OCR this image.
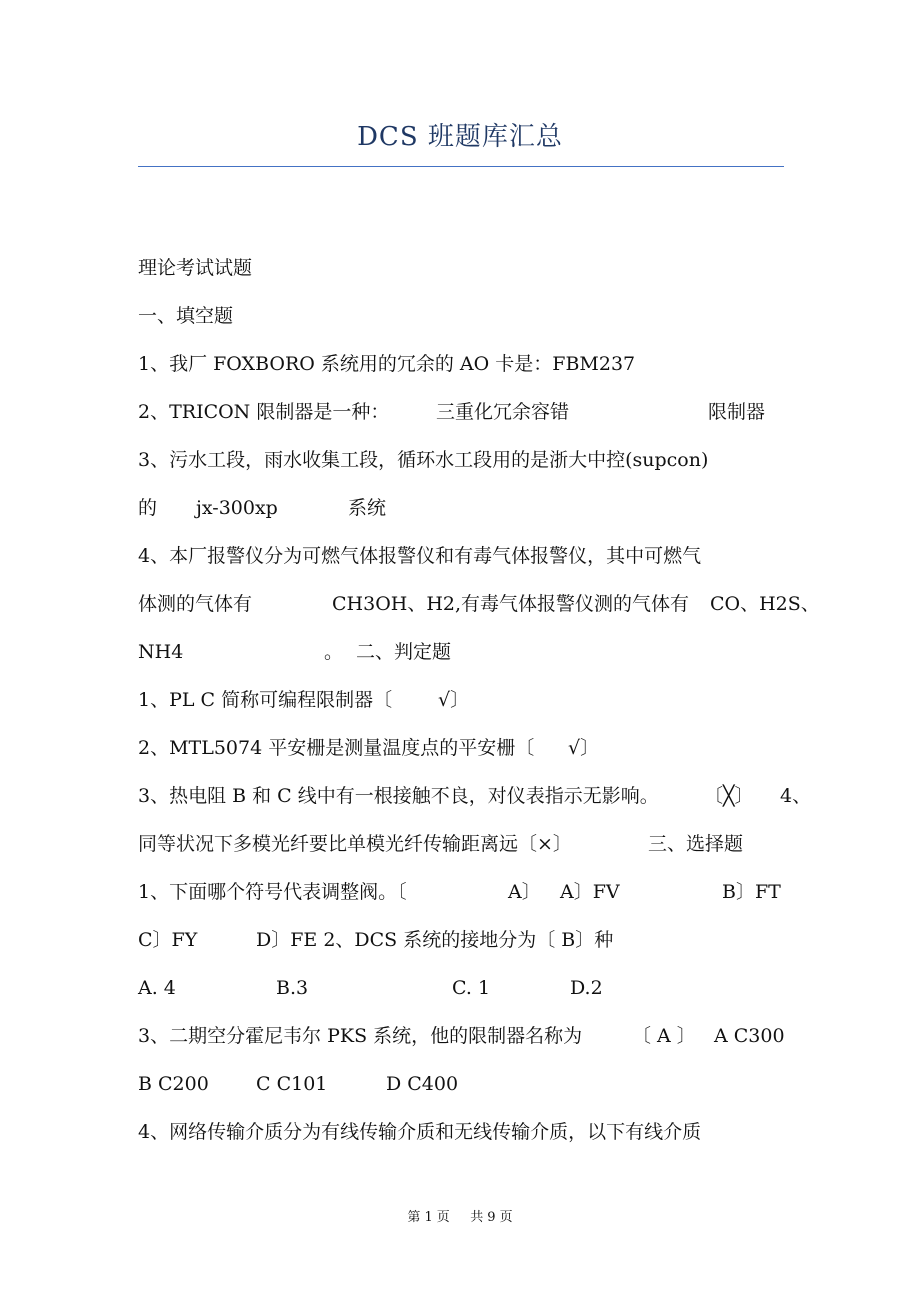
DCS 班题库汇总
理论考试试题
一、填空题
1、我厂 FOXBORO 系统用的冗余的 AO 卡是：FBM237
2、TRICON 限制器是一种： 三重化冗余容错	限制器
3、污水工段，雨水收集工段，循环水工段用的是浙大中控(supcon)
的 jx-300xp	系统
4、本厂报警仪分为可燃气体报警仪和有毒气体报警仪，其中可燃气
体测的气体有	CH3OH、H2,有毒气体报警仪测的气体有 CO、H2S、
NH4	。 二、判定题
1、PL C 简称可编程限制器〔 √〕
2、MTL5074 平安栅是测量温度点的平安栅〔 √〕
3、热电阻 B 和 C 线中有一根接触不良，对仪表指示无影响。 〔╳〕 4、
同等状况下多模光纤要比单模光纤传输距离远〔×〕	三、选择题
1、下面哪个符号代表调整阀。〔	A〕 A〕FV	B〕FT
C〕FY	D〕FE 2、DCS 系统的接地分为〔 B〕种
A. 4	B.3	C. 1	D.2
3、二期空分霍尼韦尔 PKS 系统，他的限制器名称为	〔 A 〕 A C300
B C200 C C101	D C400
4、网络传输介质分为有线传输介质和无线传输介质，以下有线介质
第 1 页 共 9 页
